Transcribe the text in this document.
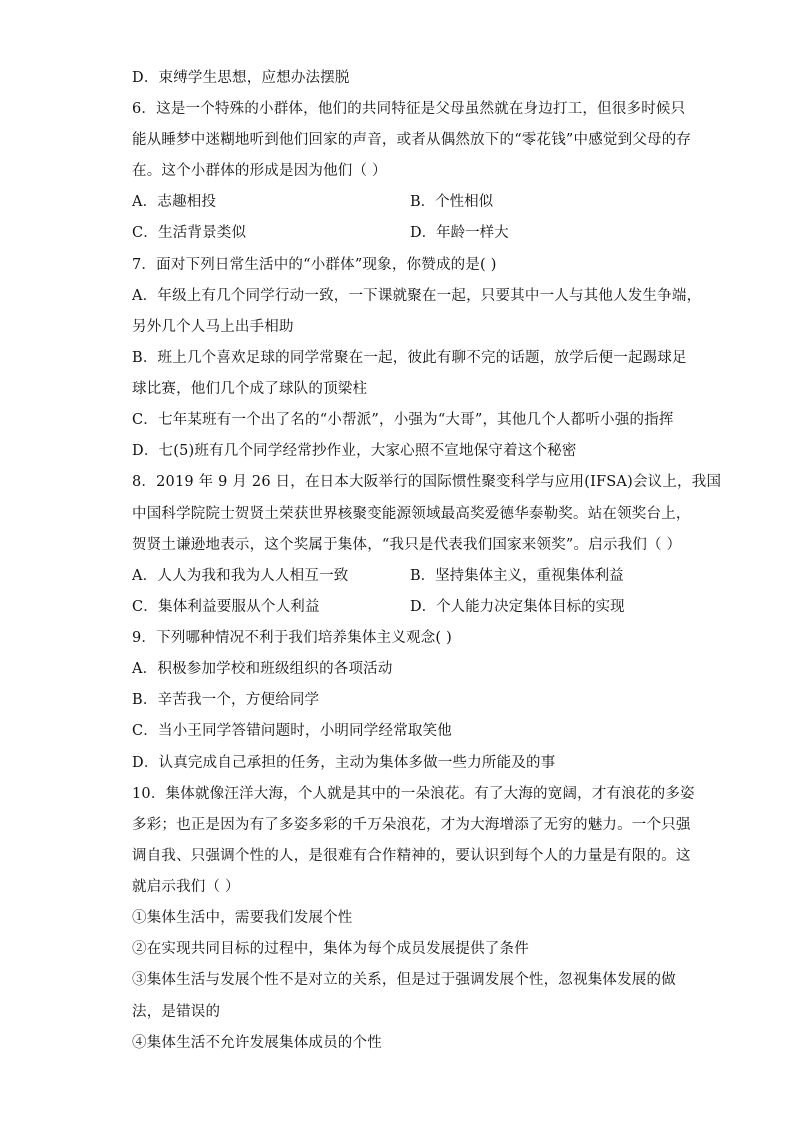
D．束缚学生思想，应想办法摆脱
6．这是一个特殊的小群体，他们的共同特征是父母虽然就在身边打工，但很多时候只
能从睡梦中迷糊地听到他们回家的声音，或者从偶然放下的“零花钱”中感觉到父母的存
在。这个小群体的形成是因为他们（ ）
A．志趣相投	B．个性相似
C．生活背景类似	D．年龄一样大
7．面对下列日常生活中的“小群体”现象，你赞成的是( )
A．年级上有几个同学行动一致，一下课就聚在一起，只要其中一人与其他人发生争端，
另外几个人马上出手相助
B．班上几个喜欢足球的同学常聚在一起，彼此有聊不完的话题，放学后便一起踢球足
球比赛，他们几个成了球队的顶梁柱
C．七年某班有一个出了名的“小帮派”，小强为“大哥”，其他几个人都听小强的指挥
D．七(5)班有几个同学经常抄作业，大家心照不宣地保守着这个秘密
8．2019 年 9 月 26 日，在日本大阪举行的国际惯性聚变科学与应用(IFSA)会议上，我国
中国科学院院士贺贤土荣获世界核聚变能源领域最高奖爱德华泰勒奖。站在领奖台上，
贺贤土谦逊地表示，这个奖属于集体，“我只是代表我们国家来领奖”。启示我们（ ）
A．人人为我和我为人人相互一致	B．坚持集体主义，重视集体利益
C．集体利益要服从个人利益	D．个人能力决定集体目标的实现
9．下列哪种情况不利于我们培养集体主义观念( )
A．积极参加学校和班级组织的各项活动
B．辛苦我一个，方便给同学
C．当小王同学答错问题时，小明同学经常取笑他
D．认真完成自己承担的任务，主动为集体多做一些力所能及的事
10．集体就像汪洋大海，个人就是其中的一朵浪花。有了大海的宽阔，才有浪花的多姿
多彩；也正是因为有了多姿多彩的千万朵浪花，才为大海增添了无穷的魅力。一个只强
调自我、只强调个性的人，是很难有合作精神的，要认识到每个人的力量是有限的。这
就启示我们（ ）
①集体生活中，需要我们发展个性
②在实现共同目标的过程中，集体为每个成员发展提供了条件
③集体生活与发展个性不是对立的关系，但是过于强调发展个性，忽视集体发展的做
法，是错误的
④集体生活不允许发展集体成员的个性
